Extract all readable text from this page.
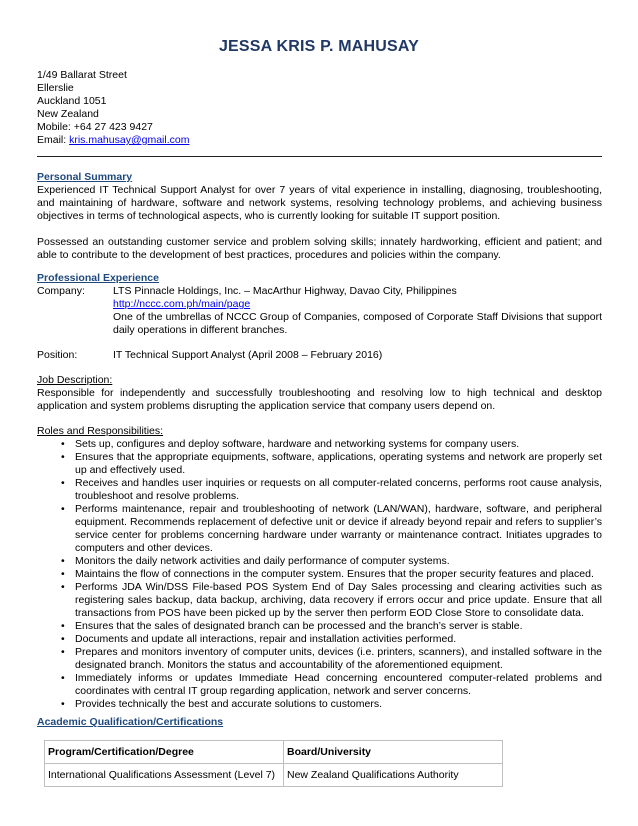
JESSA KRIS P. MAHUSAY
1/49 Ballarat Street
Ellerslie
Auckland 1051
New Zealand
Mobile: +64 27 423 9427
Email: kris.mahusay@gmail.com
Personal Summary
Experienced IT Technical Support Analyst for over 7 years of vital experience in installing, diagnosing, troubleshooting, and maintaining of hardware, software and network systems, resolving technology problems, and achieving business objectives in terms of technological aspects, who is currently looking for suitable IT support position.
Possessed an outstanding customer service and problem solving skills; innately hardworking, efficient and patient; and able to contribute to the development of best practices, procedures and policies within the company.
Professional Experience
Company:	LTS Pinnacle Holdings, Inc. – MacArthur Highway, Davao City, Philippines
http://nccc.com.ph/main/page
One of the umbrellas of NCCC Group of Companies, composed of Corporate Staff Divisions that support daily operations in different branches.
Position:	IT Technical Support Analyst (April 2008 – February 2016)
Job Description:
Responsible for independently and successfully troubleshooting and resolving low to high technical and desktop application and system problems disrupting the application service that company users depend on.
Roles and Responsibilities:
• Sets up, configures and deploy software, hardware and networking systems for company users.
• Ensures that the appropriate equipments, software, applications, operating systems and network are properly set up and effectively used.
• Receives and handles user inquiries or requests on all computer-related concerns, performs root cause analysis, troubleshoot and resolve problems.
• Performs maintenance, repair and troubleshooting of network (LAN/WAN), hardware, software, and peripheral equipment. Recommends replacement of defective unit or device if already beyond repair and refers to supplier’s service center for problems concerning hardware under warranty or maintenance contract. Initiates upgrades to computers and other devices.
• Monitors the daily network activities and daily performance of computer systems.
• Maintains the flow of connections in the computer system. Ensures that the proper security features and placed.
• Performs JDA Win/DSS File-based POS System End of Day Sales processing and clearing activities such as registering sales backup, data backup, archiving, data recovery if errors occur and price update. Ensure that all transactions from POS have been picked up by the server then perform EOD Close Store to consolidate data.
• Ensures that the sales of designated branch can be processed and the branch’s server is stable.
• Documents and update all interactions, repair and installation activities performed.
• Prepares and monitors inventory of computer units, devices (i.e. printers, scanners), and installed software in the designated branch. Monitors the status and accountability of the aforementioned equipment.
• Immediately informs or updates Immediate Head concerning encountered computer-related problems and coordinates with central IT group regarding application, network and server concerns.
• Provides technically the best and accurate solutions to customers.
Academic Qualification/Certifications
Program/Certification/Degree	Board/University
International Qualifications Assessment (Level 7)	New Zealand Qualifications Authority
